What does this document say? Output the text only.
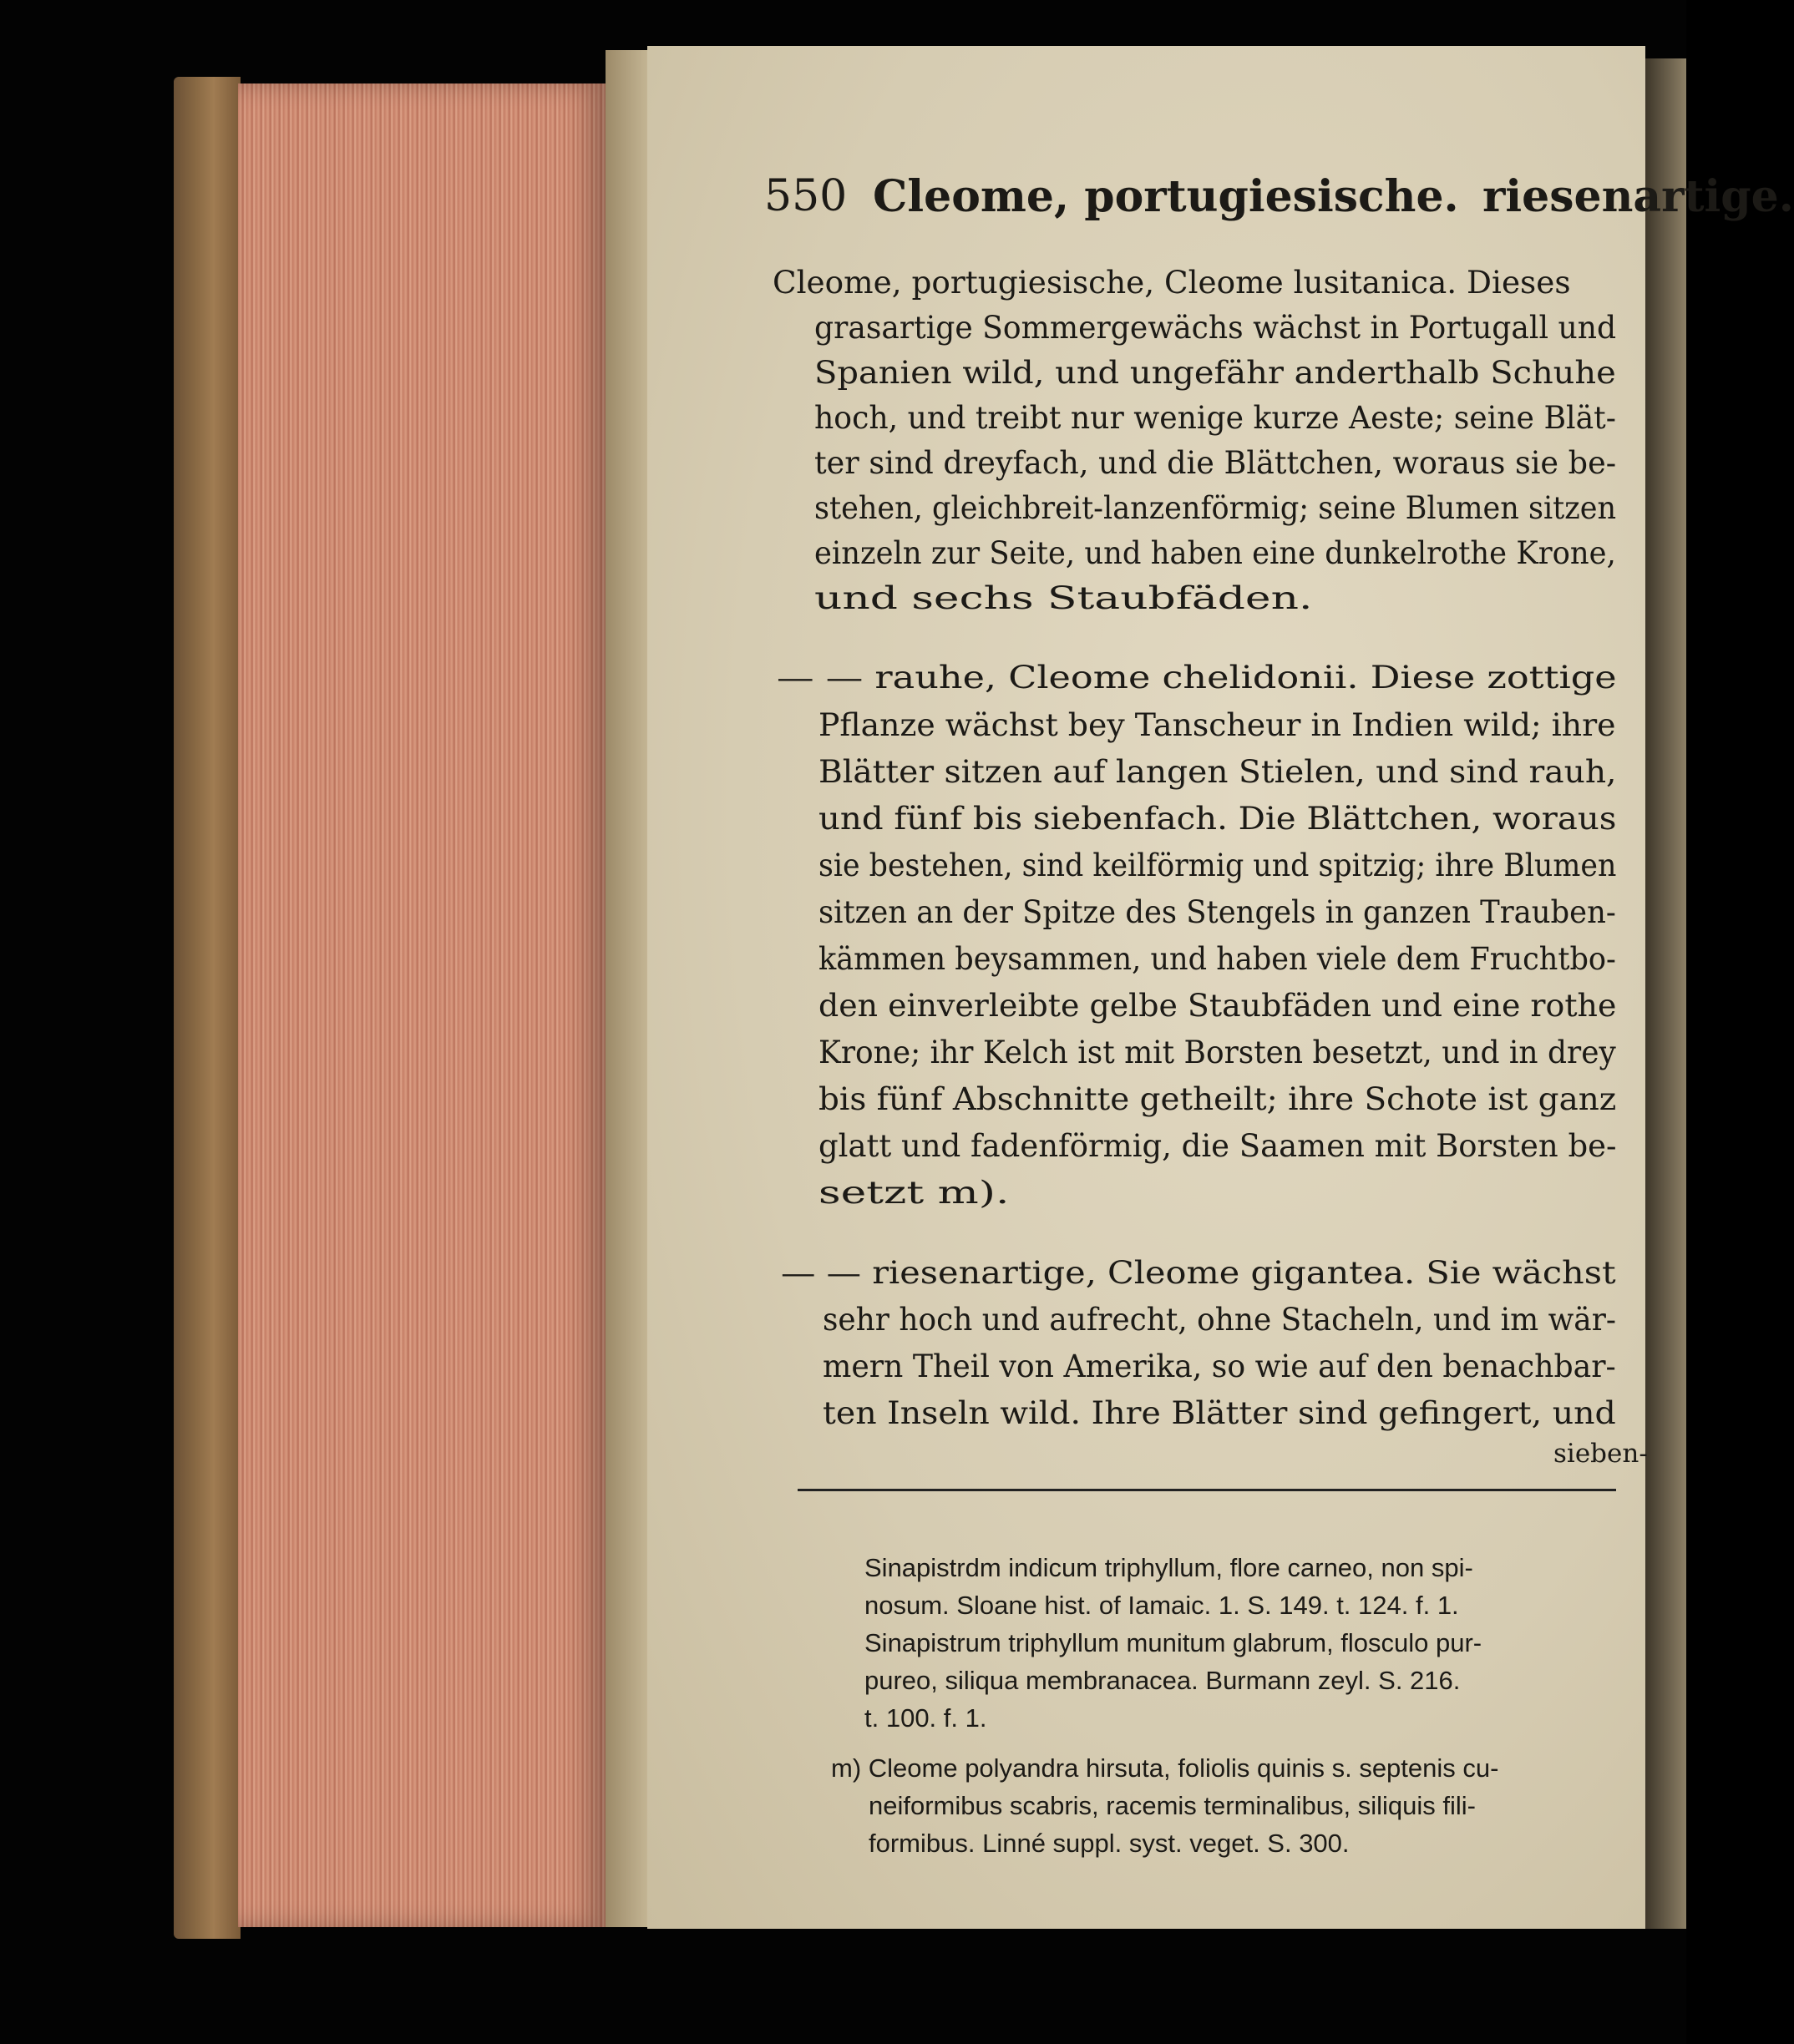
550 Cleome, portugiesische. riesenartige.
Cleome, portugiesische, Cleome lusitanica. Dieses
grasartige Sommergewächs wächst in Portugall und
Spanien wild, und ungefähr anderthalb Schuhe
hoch, und treibt nur wenige kurze Aeste; seine Blät-
ter sind dreyfach, und die Blättchen, woraus sie be-
stehen, gleichbreit-lanzenförmig; seine Blumen sitzen
einzeln zur Seite, und haben eine dunkelrothe Krone,
und sechs Staubfäden.
— — rauhe, Cleome chelidonii. Diese zottige
Pflanze wächst bey Tanscheur in Indien wild; ihre
Blätter sitzen auf langen Stielen, und sind rauh,
und fünf bis siebenfach. Die Blättchen, woraus
sie bestehen, sind keilförmig und spitzig; ihre Blumen
sitzen an der Spitze des Stengels in ganzen Trauben-
kämmen beysammen, und haben viele dem Fruchtbo-
den einverleibte gelbe Staubfäden und eine rothe
Krone; ihr Kelch ist mit Borsten besetzt, und in drey
bis fünf Abschnitte getheilt; ihre Schote ist ganz
glatt und fadenförmig, die Saamen mit Borsten be-
setzt m).
— — riesenartige, Cleome gigantea. Sie wächst
sehr hoch und aufrecht, ohne Stacheln, und im wär-
mern Theil von Amerika, so wie auf den benachbar-
ten Inseln wild. Ihre Blätter sind gefingert, und
sieben-
Sinapistrdm indicum triphyllum, flore carneo, non spi-
nosum. Sloane hist. of Iamaic. 1. S. 149. t. 124. f. 1.
Sinapistrum triphyllum munitum glabrum, flosculo pur-
pureo, siliqua membranacea. Burmann zeyl. S. 216.
t. 100. f. 1.
m) Cleome polyandra hirsuta, foliolis quinis s. septenis cu-
neiformibus scabris, racemis terminalibus, siliquis fili-
formibus. Linné suppl. syst. veget. S. 300.
